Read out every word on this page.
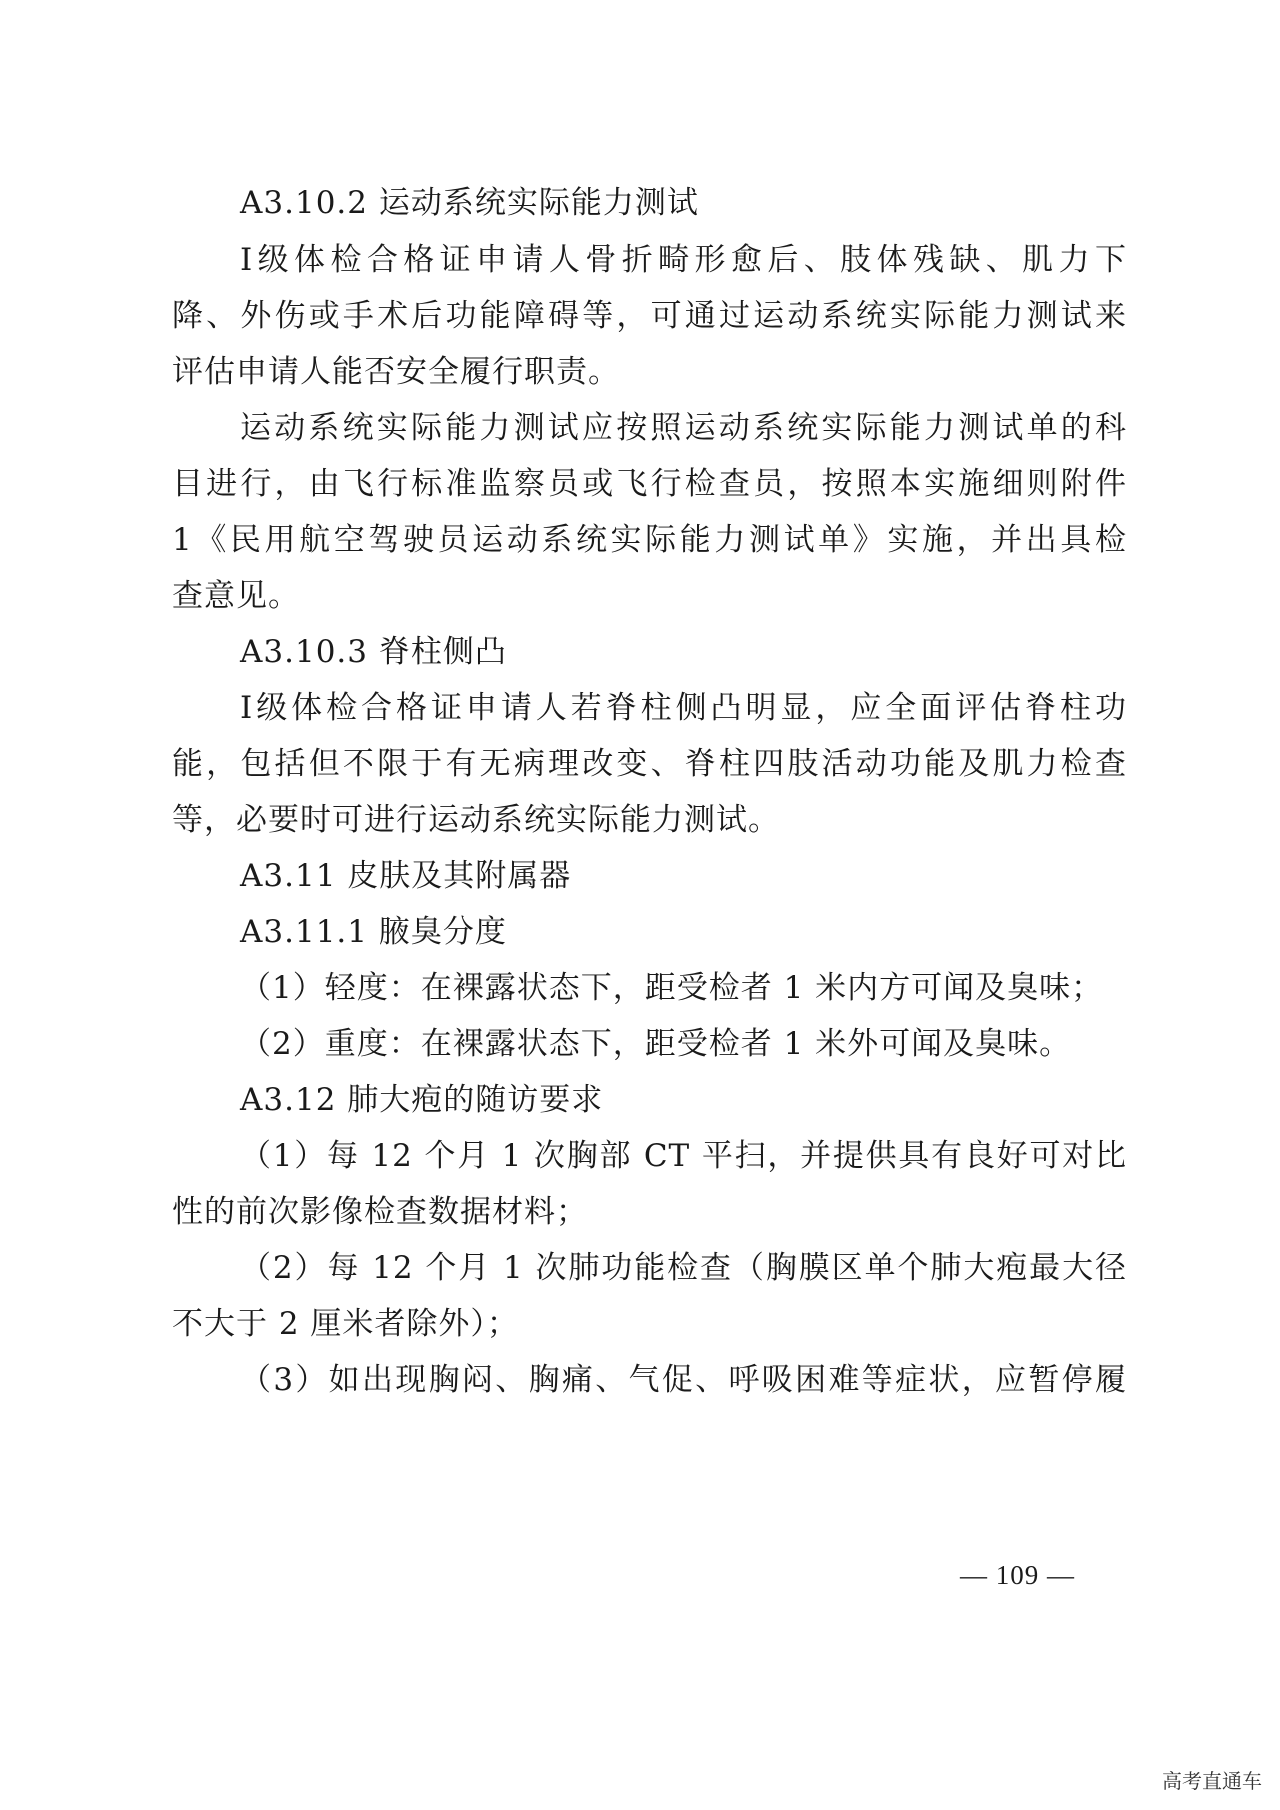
A3.10.2 运动系统实际能力测试
Ⅰ级体检合格证申请人骨折畸形愈后、肢体残缺、肌力下
降、外伤或手术后功能障碍等，可通过运动系统实际能力测试来
评估申请人能否安全履行职责。
运动系统实际能力测试应按照运动系统实际能力测试单的科
目进行，由飞行标准监察员或飞行检查员，按照本实施细则附件
1《民用航空驾驶员运动系统实际能力测试单》实施，并出具检
查意见。
A3.10.3 脊柱侧凸
Ⅰ级体检合格证申请人若脊柱侧凸明显，应全面评估脊柱功
能，包括但不限于有无病理改变、脊柱四肢活动功能及肌力检查
等，必要时可进行运动系统实际能力测试。
A3.11 皮肤及其附属器
A3.11.1 腋臭分度
（1）轻度：在裸露状态下，距受检者 1 米内方可闻及臭味；
（2）重度：在裸露状态下，距受检者 1 米外可闻及臭味。
A3.12 肺大疱的随访要求
（1）每 12 个月 1 次胸部 CT 平扫，并提供具有良好可对比
性的前次影像检查数据材料；
（2）每 12 个月 1 次肺功能检查（胸膜区单个肺大疱最大径
不大于 2 厘米者除外）；
（3）如出现胸闷、胸痛、气促、呼吸困难等症状，应暂停履
— 109 —
高考直通车
